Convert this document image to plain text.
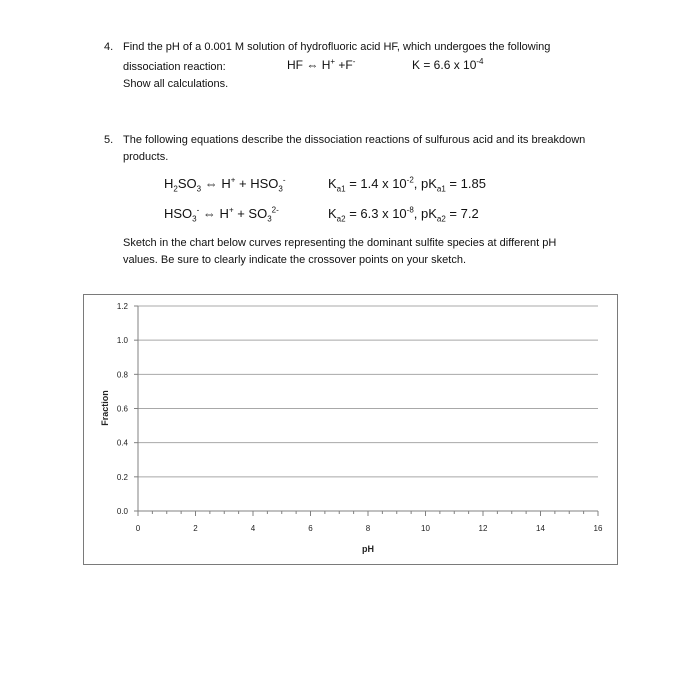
4. Find the pH of a 0.001 M solution of hydrofluoric acid HF, which undergoes the following
dissociation reaction:	HF ⇔ H+ +F-	K = 6.6 x $10^{-4}$
Show all calculations.
5. The following equations describe the dissociation reactions of sulfurous acid and its breakdown
products.
$H_2SO_3$ ⇔ $H^+ + HSO_3^-$	$K_{a1} = 1.4$ x $10^{-2}$, $pK_{a1} = 1.85$
$HSO_3^-$ ⇔ $H^+ + SO_3^{2-}$	$K_{a2} = 6.3$ x $10^{-8}$, $pK_{a2} = 7.2$
Sketch in the chart below curves representing the dominant sulfite species at different pH
values. Be sure to clearly indicate the crossover points on your sketch.
0.0
0.2
0.4
0.6
0.8
1.0
1.2
0	2	4	6	8	10	12	14	16
pH
Fraction
